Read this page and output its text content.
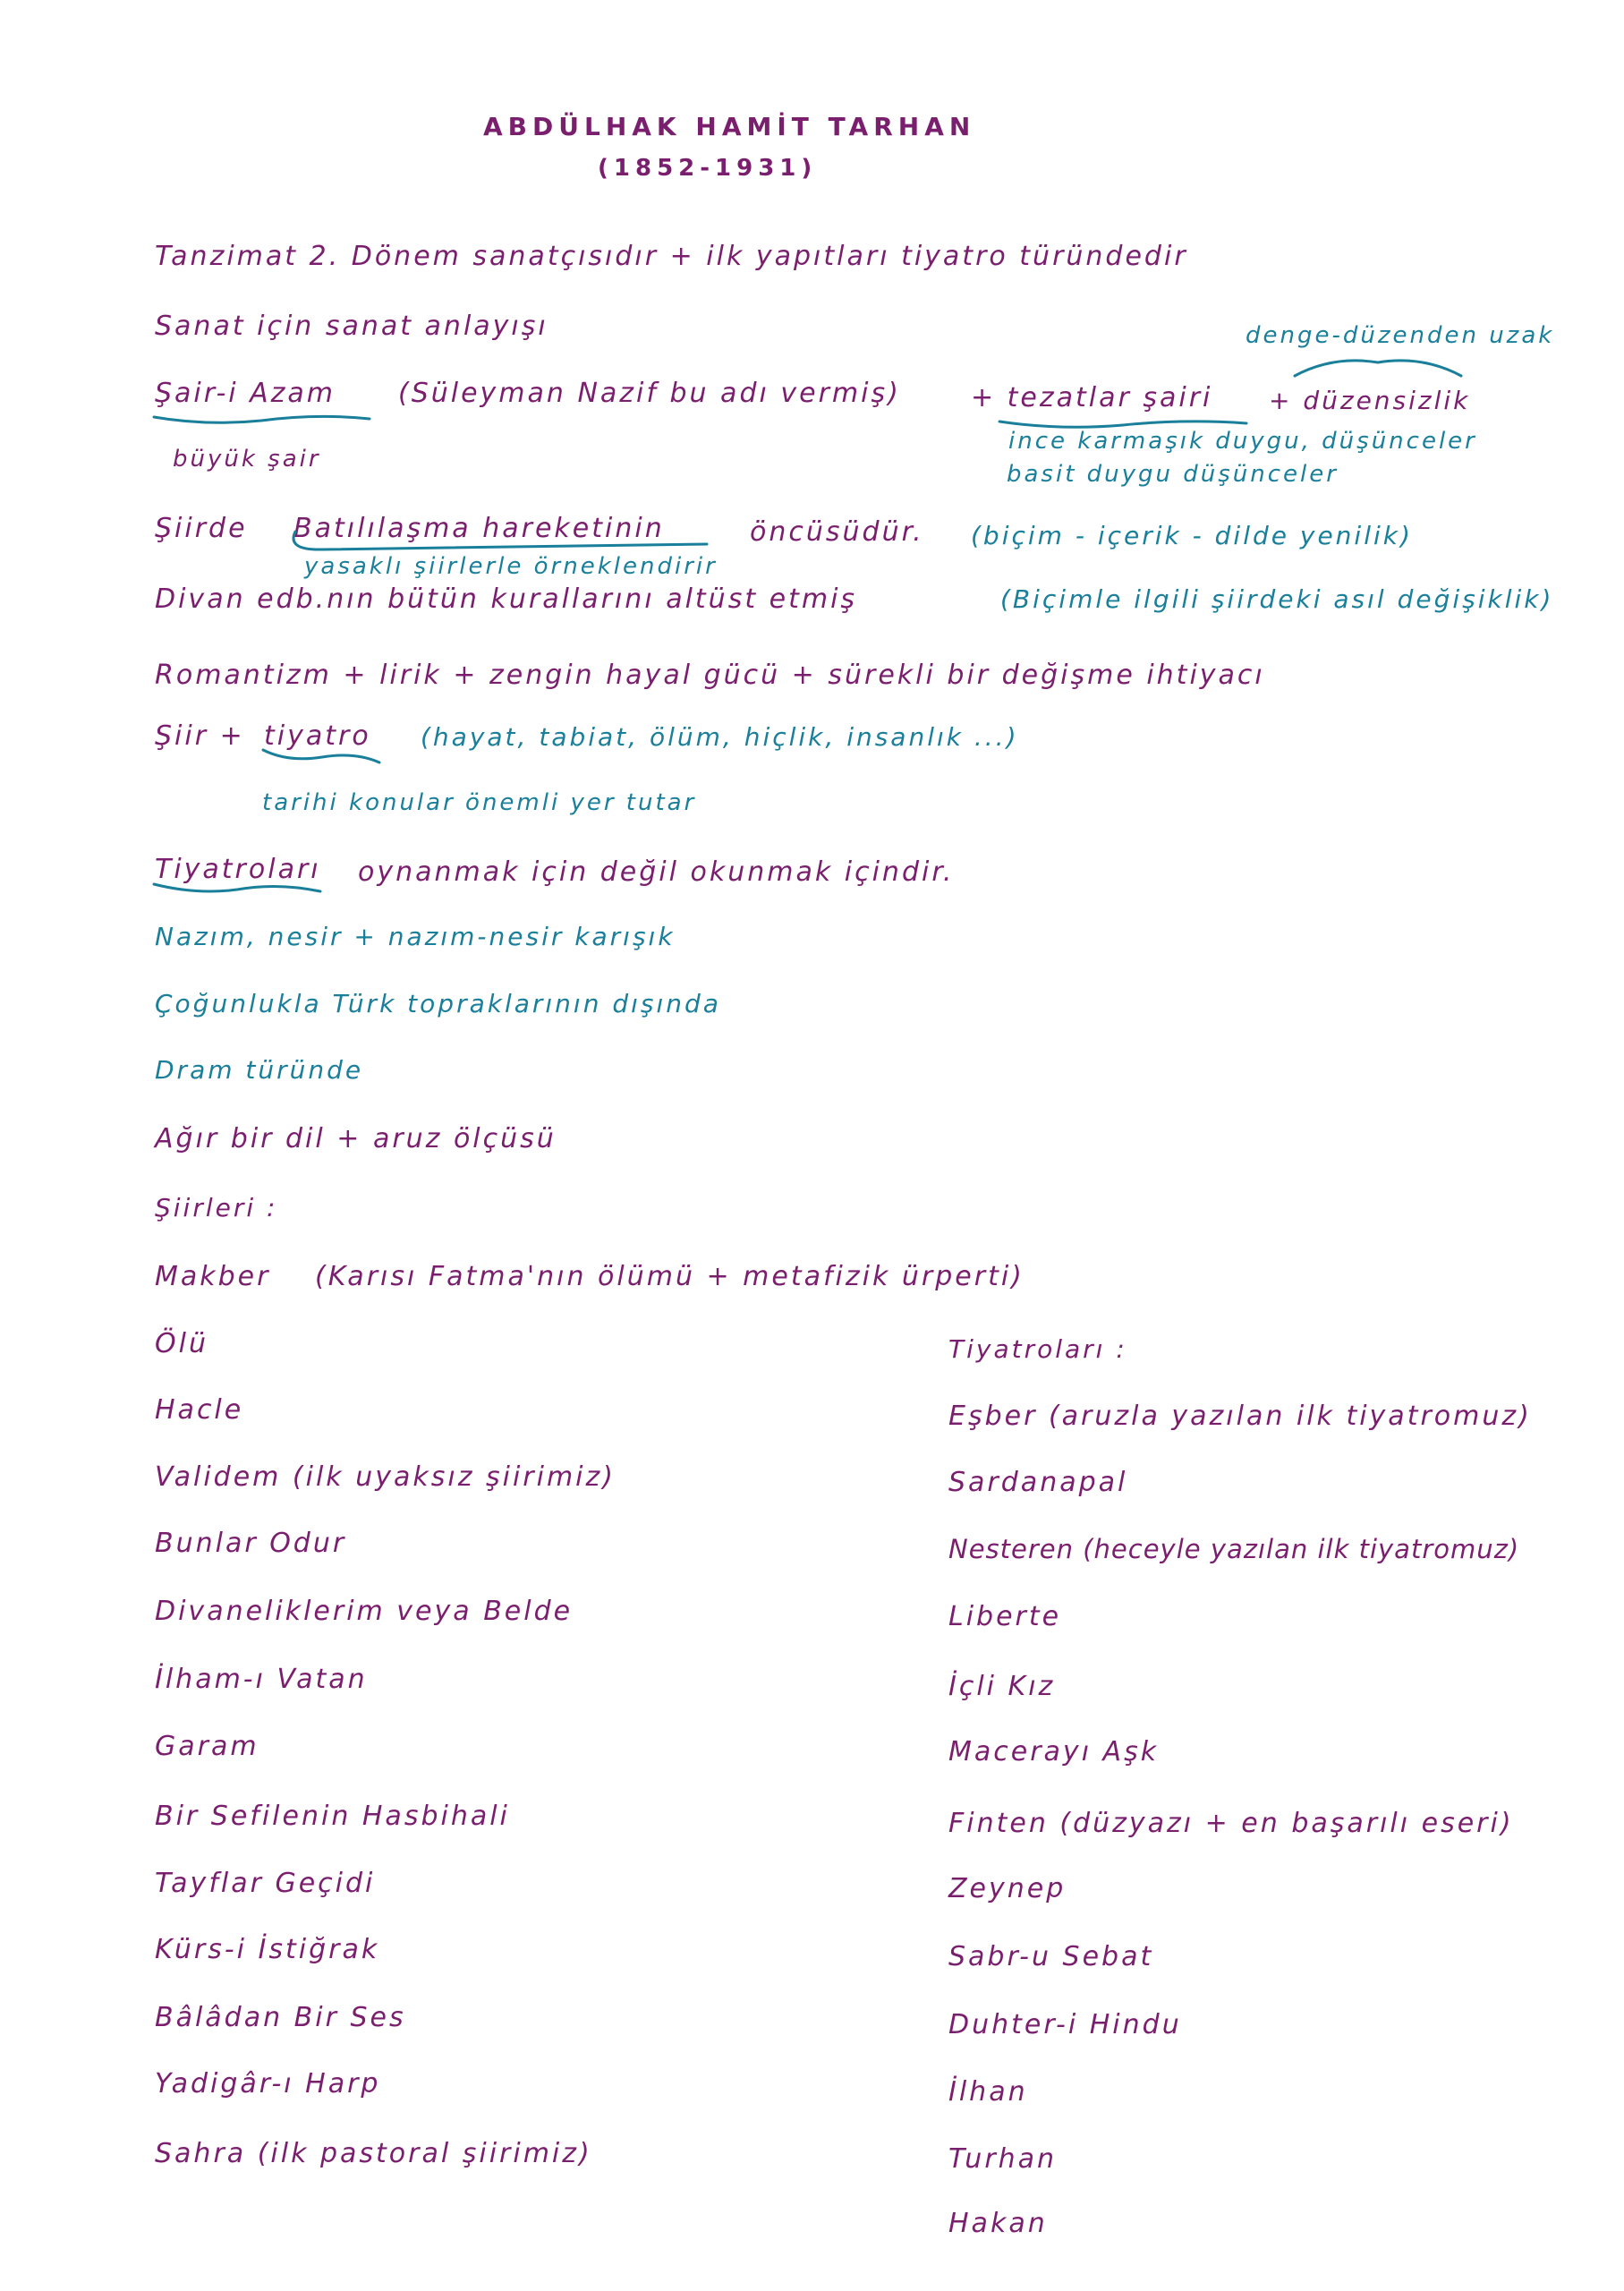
ABDÜLHAK HAMİT TARHAN
(1852-1931)
Tanzimat 2. Dönem sanatçısıdır + ilk yapıtları tiyatro türündedir
Sanat için sanat anlayışı	denge-düzenden uzak
Şair-i Azam (Süleyman Nazif bu adı vermiş)	+ tezatlar şairi + düzensizlik
büyük şair
ince karmaşık duygu, düşünceler
basit duygu düşünceler
Şiirde Batılılaşma hareketinin	öncüsüdür. (biçim - içerik - dilde yenilik)
yasaklı şiirlerle örneklendirir
Divan edb.nın bütün kurallarını altüst etmiş	(Biçimle ilgili şiirdeki asıl değişiklik)
Romantizm + lirik + zengin hayal gücü + sürekli bir değişme ihtiyacı
Şiir + tiyatro (hayat, tabiat, ölüm, hiçlik, insanlık ...)
tarihi konular önemli yer tutar
Tiyatroları oynanmak için değil okunmak içindir.
Nazım, nesir + nazım-nesir karışık
Çoğunlukla Türk topraklarının dışında
Dram türünde
Ağır bir dil + aruz ölçüsü
Şiirleri :
Makber (Karısı Fatma'nın ölümü + metafizik ürperti)
Ölü
Hacle
Validem (ilk uyaksız şiirimiz)
Bunlar Odur
Divaneliklerim veya Belde
İlham-ı Vatan
Garam
Bir Sefilenin Hasbihali
Tayflar Geçidi
Kürs-i İstiğrak
Bâlâdan Bir Ses
Yadigâr-ı Harp
Sahra (ilk pastoral şiirimiz)
Tiyatroları :
Eşber (aruzla yazılan ilk tiyatromuz)
Sardanapal
Nesteren (heceyle yazılan ilk tiyatromuz)
Liberte
İçli Kız
Macerayı Aşk
Finten (düzyazı + en başarılı eseri)
Zeynep
Sabr-u Sebat
Duhter-i Hindu
İlhan
Turhan
Hakan
